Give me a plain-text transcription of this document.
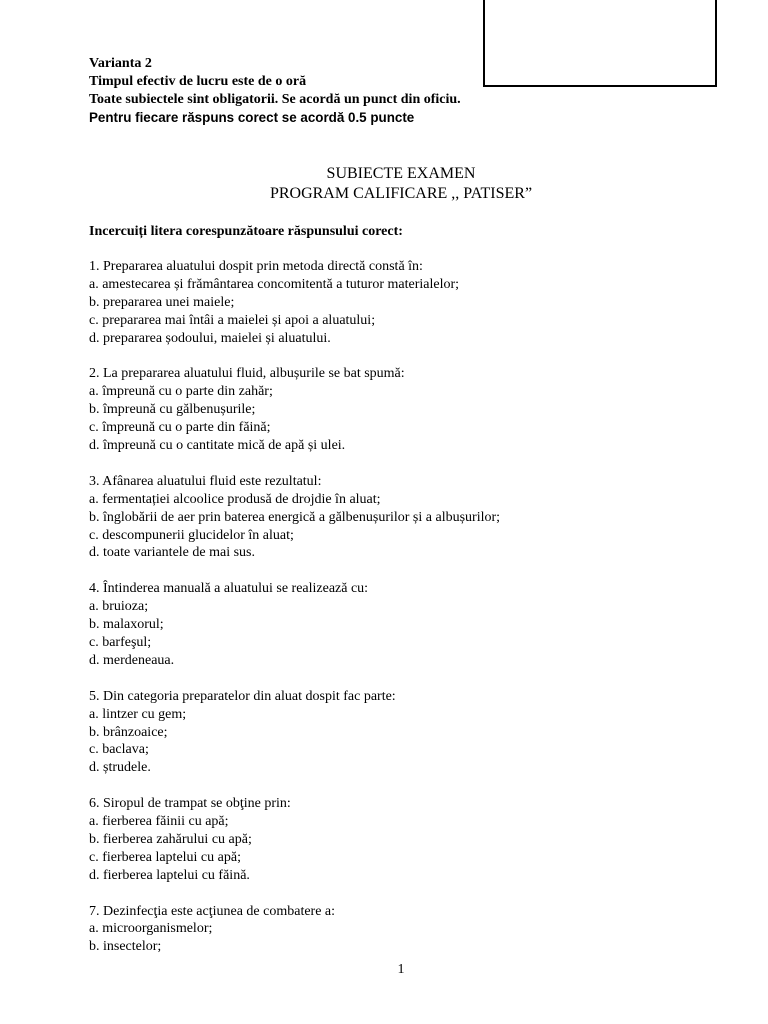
Varianta 2
Timpul efectiv de lucru este de o oră
Toate subiectele sint obligatorii. Se acordă un punct din oficiu.
Pentru fiecare răspuns corect se acordă 0.5 puncte
SUBIECTE EXAMEN
PROGRAM CALIFICARE ,, PATISER”
Incercuiți litera corespunzătoare răspunsului corect:
1. Prepararea aluatului dospit prin metoda directă constă în:
a. amestecarea și frământarea concomitentă a tuturor materialelor;
b. prepararea unei maiele;
c. prepararea mai întâi a maielei și apoi a aluatului;
d. prepararea șodoului, maielei și aluatului.
2. La prepararea aluatului fluid, albușurile se bat spumă:
a. împreună cu o parte din zahăr;
b. împreună cu gălbenușurile;
c. împreună cu o parte din făină;
d. împreună cu o cantitate mică de apă și ulei.
3. Afânarea aluatului fluid este rezultatul:
a. fermentației alcoolice produsă de drojdie în aluat;
b. înglobării de aer prin baterea energică a gălbenușurilor și a albușurilor;
c. descompunerii glucidelor în aluat;
d. toate variantele de mai sus.
4. Întinderea manuală a aluatului se realizează cu:
a. bruioza;
b. malaxorul;
c. barfeşul;
d. merdeneaua.
5. Din categoria preparatelor din aluat dospit fac parte:
a. lintzer cu gem;
b. brânzoaice;
c. baclava;
d. ștrudele.
6. Siropul de trampat se obţine prin:
a. fierberea făinii cu apă;
b. fierberea zahărului cu apă;
c. fierberea laptelui cu apă;
d. fierberea laptelui cu făină.
7. Dezinfecţia este acţiunea de combatere a:
a. microorganismelor;
b. insectelor;
1
